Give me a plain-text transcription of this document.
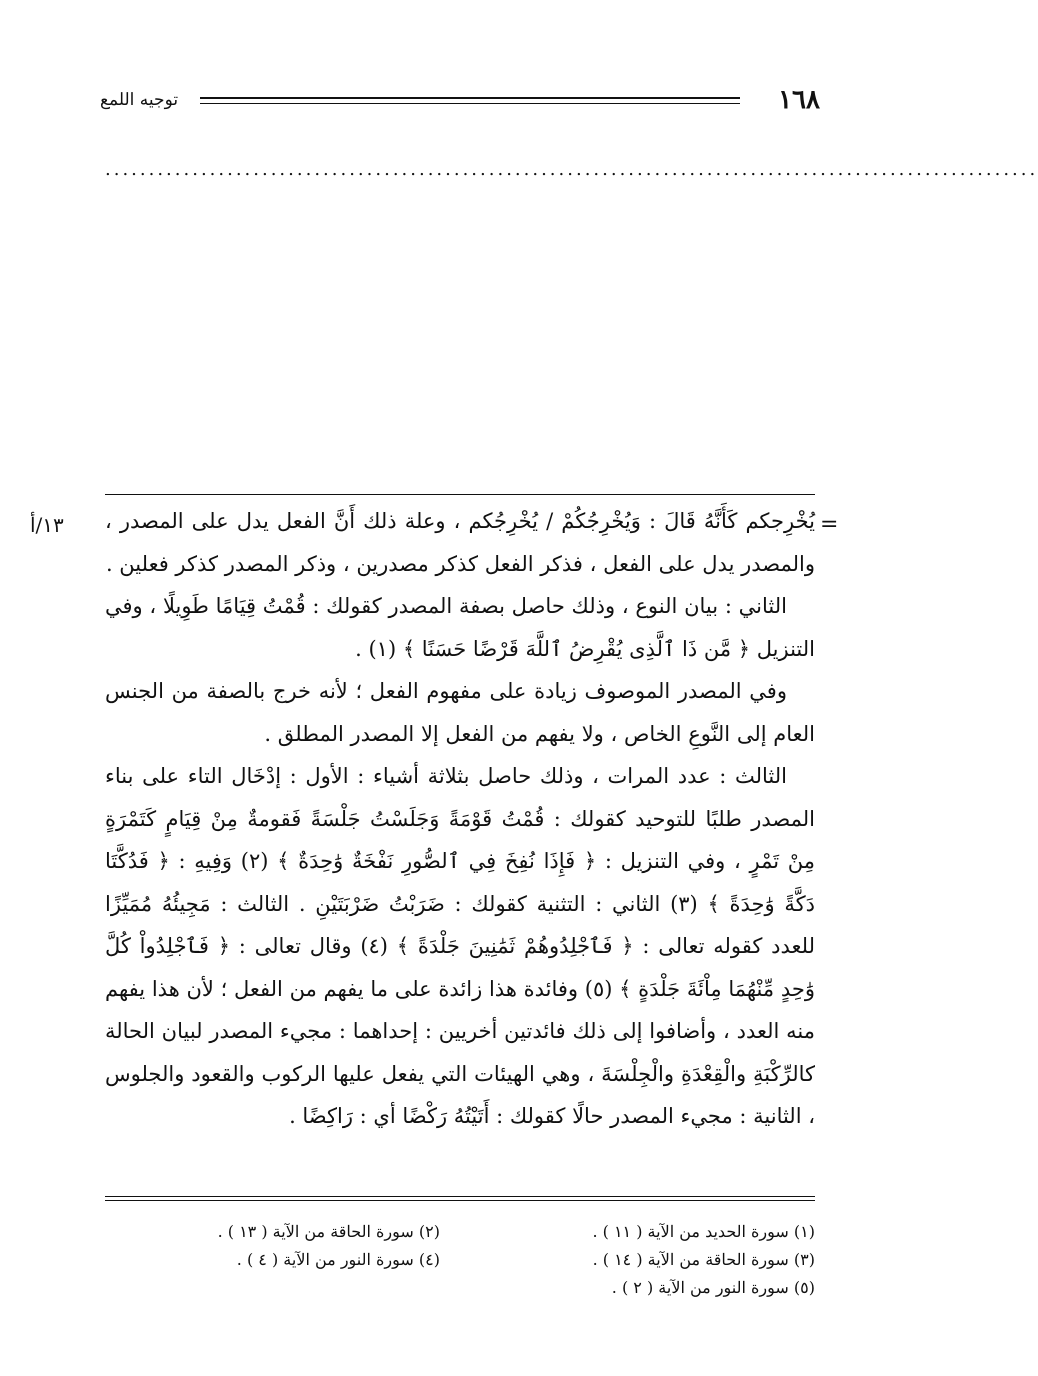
١٦٨
توجيه اللمع
...........................................................................................................
=
١٣/أ يُخْرِجكم كَأَنَّهُ قَالَ : وَيُخْرِجُكُمْ / يُخْرِجُكم ، وعلة ذلك أَنَّ الفعل يدل على المصدر ، والمصدر يدل على الفعل ، فذكر الفعل كذكر مصدرين ، وذكر المصدر كذكر فعلين .

الثاني : بيان النوع ، وذلك حاصل بصفة المصدر كقولك : قُمْتُ قِيَامًا طَوِيلًا ، وفي التنزيل ﴿ مَّن ذَا ٱلَّذِى يُقْرِضُ ٱللَّهَ قَرْضًا حَسَنًا ﴾ (١) .

وفي المصدر الموصوف زيادة على مفهوم الفعل ؛ لأنه خرج بالصفة من الجنس العام إلى النَّوعِ الخاص ، ولا يفهم من الفعل إلا المصدر المطلق .

الثالث : عدد المرات ، وذلك حاصل بثلاثة أشياء : الأول : إدْخَال التاء على بناء المصدر طلبًا للتوحيد كقولك : قُمْتُ قَوْمَةً وَجَلَسْتُ جَلْسَةً فَقومةٌ مِنْ قِيَامٍ كَتَمْرَةٍ مِنْ تَمْرٍ ، وفي التنزيل : ﴿ فَإِذَا نُفِخَ فِي ٱلصُّورِ نَفْخَةٌ وَٰحِدَةٌ ﴾ (٢) وَفِيهِ : ﴿ فَدُكَّتَا دَكَّةً وَٰحِدَةً ﴾ (٣) الثاني : التثنية كقولك : ضَرَبْتُ ضَرْبَتَيْنِ . الثالث : مَجِيئُهُ مُمَيِّزًا للعدد كقوله تعالى : ﴿ فَٱجْلِدُوهُمْ ثَمَٰنِينَ جَلْدَةً ﴾ (٤) وقال تعالى : ﴿ فَٱجْلِدُواْ كُلَّ وَٰحِدٍ مِّنْهُمَا مِاْئَةَ جَلْدَةٍ ﴾ (٥) وفائدة هذا زائدة على ما يفهم من الفعل ؛ لأن هذا يفهم منه العدد ، وأضافوا إلى ذلك فائدتين أخريين : إحداهما : مجيء المصدر لبيان الحالة كالرِّكْبَةِ والْقِعْدَةِ والْجِلْسَةَ ، وهي الهيئات التي يفعل عليها الركوب والقعود والجلوس ، الثانية : مجيء المصدر حالًا كقولك : أَتَيْتُهُ رَكْضًا أي : رَاكِضًا .

(١) سورة الحديد من الآية ( ١١ ) .
(٢) سورة الحاقة من الآية ( ١٣ ) .
(٣) سورة الحاقة من الآية ( ١٤ ) .
(٤) سورة النور من الآية ( ٤ ) .
(٥) سورة النور من الآية ( ٢ ) .
